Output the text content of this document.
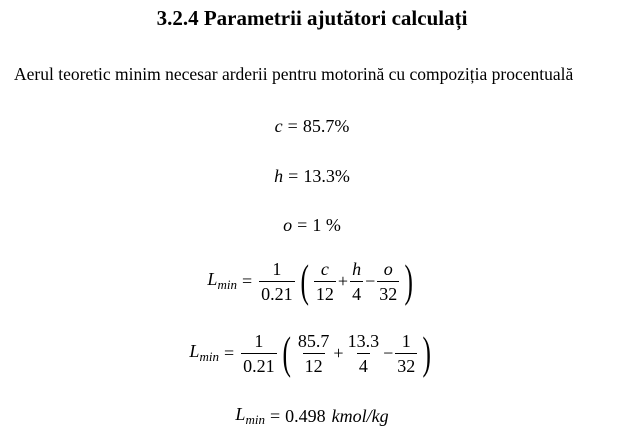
3.2.4 Parametrii ajutători calculați
Aerul teoretic minim necesar arderii pentru motorină cu compoziția procentuală
c = 85.7%
h = 13.3%
o = 1 %
$L_{min} = \frac{1}{0.21}$ ( $\frac{c}{12} + \frac{h}{4} - \frac{o}{32}$ )
$L_{min} = \frac{1}{0.21}$ ( $\frac{85.7}{12} + \frac{13.3}{4} - \frac{1}{32}$ )
$L_{min} = 0.498$ kmol/kg
